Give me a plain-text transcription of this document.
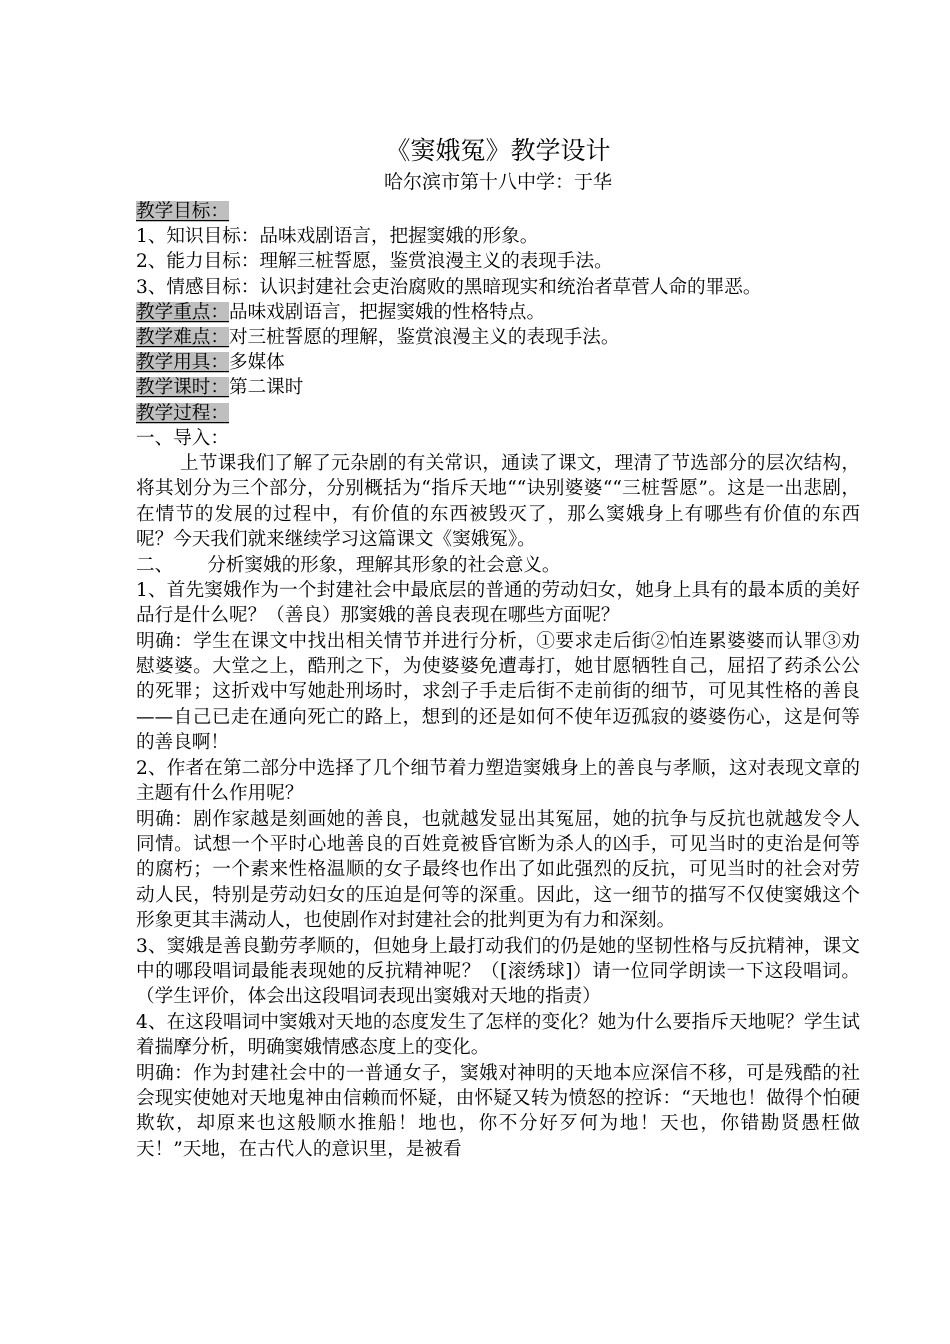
《窦娥冤》教学设计
哈尔滨市第十八中学：于华
教学目标：
1、知识目标：品味戏剧语言，把握窦娥的形象。
2、能力目标：理解三桩誓愿，鉴赏浪漫主义的表现手法。
3、情感目标：认识封建社会吏治腐败的黑暗现实和统治者草菅人命的罪恶。
教学重点：品味戏剧语言，把握窦娥的性格特点。
教学难点：对三桩誓愿的理解，鉴赏浪漫主义的表现手法。
教学用具：多媒体
教学课时：第二课时
教学过程：
一、导入：
上节课我们了解了元杂剧的有关常识，通读了课文，理清了节选部分的层次结构，将其划分为三个部分，分别概括为“指斥天地““诀别婆婆““三桩誓愿”。这是一出悲剧，在情节的发展的过程中，有价值的东西被毁灭了，那么窦娥身上有哪些有价值的东西呢？今天我们就来继续学习这篇课文《窦娥冤》。
二、 分析窦娥的形象，理解其形象的社会意义。
1、首先窦娥作为一个封建社会中最底层的普通的劳动妇女，她身上具有的最本质的美好品行是什么呢？（善良）那窦娥的善良表现在哪些方面呢？
明确：学生在课文中找出相关情节并进行分析，①要求走后街②怕连累婆婆而认罪③劝慰婆婆。大堂之上，酷刑之下，为使婆婆免遭毒打，她甘愿牺牲自己，屈招了药杀公公的死罪；这折戏中写她赴刑场时，求刽子手走后街不走前街的细节，可见其性格的善良——自己已走在通向死亡的路上，想到的还是如何不使年迈孤寂的婆婆伤心，这是何等的善良啊！
2、作者在第二部分中选择了几个细节着力塑造窦娥身上的善良与孝顺，这对表现文章的主题有什么作用呢？
明确：剧作家越是刻画她的善良，也就越发显出其冤屈，她的抗争与反抗也就越发令人同情。试想一个平时心地善良的百姓竟被昏官断为杀人的凶手，可见当时的吏治是何等的腐朽；一个素来性格温顺的女子最终也作出了如此强烈的反抗，可见当时的社会对劳动人民，特别是劳动妇女的压迫是何等的深重。因此，这一细节的描写不仅使窦娥这个形象更其丰满动人，也使剧作对封建社会的批判更为有力和深刻。
3、窦娥是善良勤劳孝顺的，但她身上最打动我们的仍是她的坚韧性格与反抗精神，课文中的哪段唱词最能表现她的反抗精神呢？（[滚绣球]）请一位同学朗读一下这段唱词。（学生评价，体会出这段唱词表现出窦娥对天地的指责）
4、在这段唱词中窦娥对天地的态度发生了怎样的变化？她为什么要指斥天地呢？学生试着揣摩分析，明确窦娥情感态度上的变化。
明确：作为封建社会中的一普通女子，窦娥对神明的天地本应深信不移，可是残酷的社会现实使她对天地鬼神由信赖而怀疑，由怀疑又转为愤怒的控诉：“天地也！做得个怕硬欺软，却原来也这般顺水推船！地也，你不分好歹何为地！天也，你错勘贤愚枉做天！”天地，在古代人的意识里，是被看
